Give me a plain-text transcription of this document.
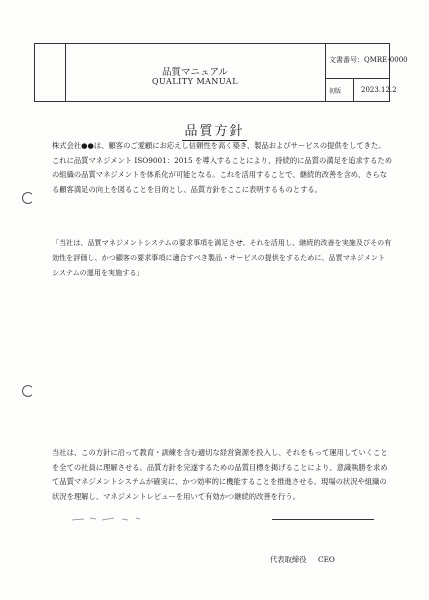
品質マニュアル
QUALITY MANUAL
文書番号：QMRE-0000
初版	2023.12.2
品質方針
株式会社●●は、顧客のご愛顧にお応えし信頼性を高く築き、製品およびサービスの提供をしてきた。これに品質マネジメント ISO9001：2015 を導入することにより、持続的に品質の満足を追求するための組織の品質マネジメントを体系化が可能となる。これを活用することで、継続的改善を含め、さらなる顧客満足の向上を図ることを目的とし、品質方針をここに表明するものとする。
「当社は、品質マネジメントシステムの要求事項を満足させ、それを活用し、継続的改善を実施及びその有効性を評価し、かつ顧客の要求事項に適合すべき製品・サービスの提供をするために、品質マネジメントシステムの運用を実施する」
当社は、この方針に沿って教育・訓練を含む適切な経営資源を投入し、それをもって運用していくことを全ての社員に理解させる。品質方針を完遂するための品質目標を掲げることにより、意識執勝を求めて品質マネジメントシステムが確実に、かつ効率的に機能することを推進させる。現場の状況や組織の状況を理解し、マネジメントレビューを用いて有効かつ継続的改善を行う。
代表取締役 CEO
